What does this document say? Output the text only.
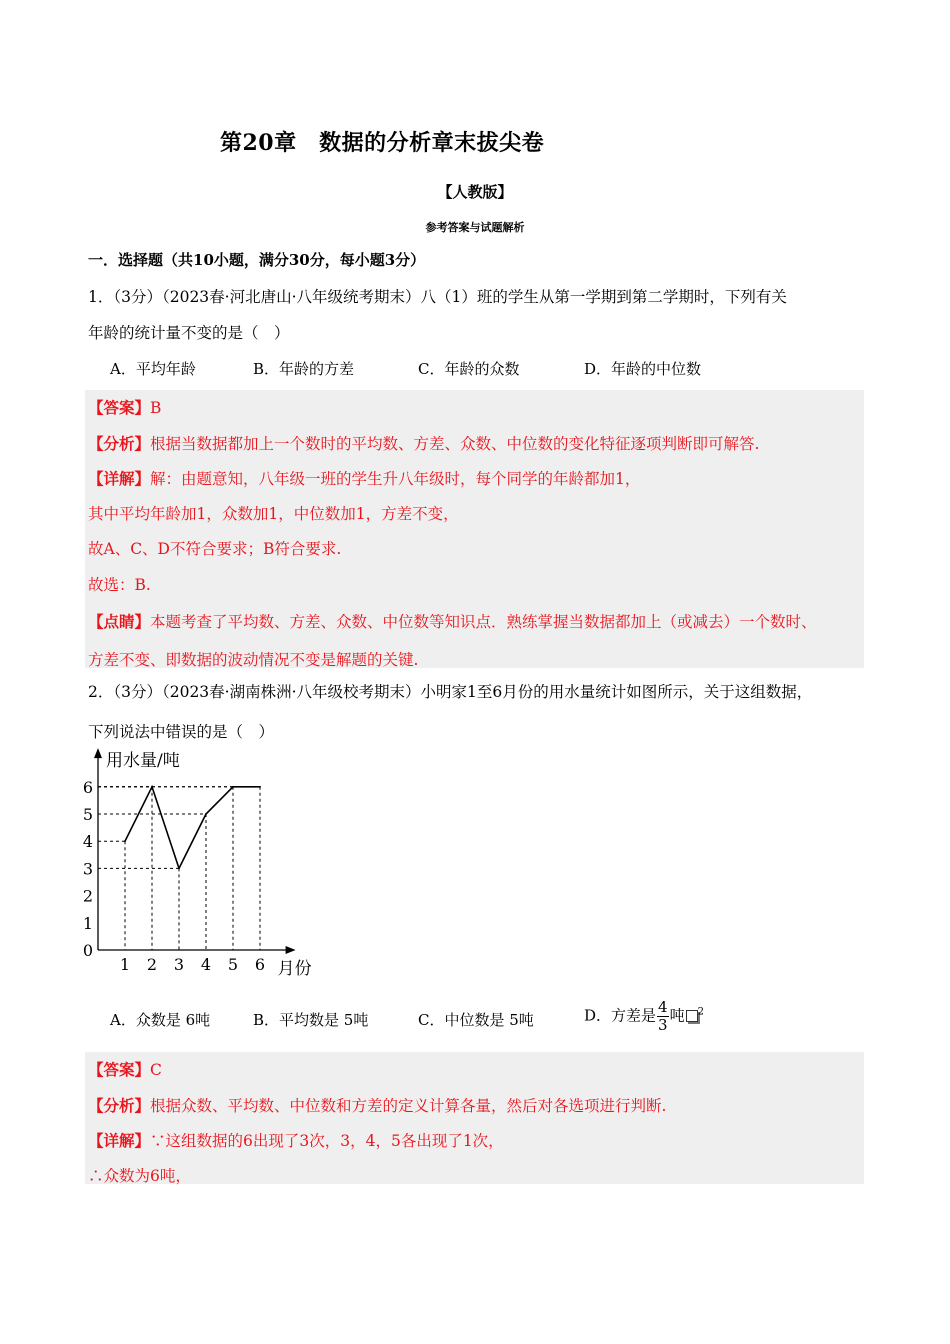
第20章　数据的分析章末拔尖卷
【人教版】
参考答案与试题解析
一．选择题（共10小题，满分30分，每小题3分）
1．（3分）（2023春·河北唐山·八年级统考期末）八（1）班的学生从第一学期到第二学期时，下列有关
年龄的统计量不变的是（　）
A．平均年龄	B．年龄的方差	C．年龄的众数	D．年龄的中位数
【答案】B
【分析】根据当数据都加上一个数时的平均数、方差、众数、中位数的变化特征逐项判断即可解答.
【详解】解：由题意知，八年级一班的学生升八年级时，每个同学的年龄都加1，
其中平均年龄加1，众数加1，中位数加1，方差不变，
故A、C、D不符合要求；B符合要求.
故选：B.
【点睛】本题考查了平均数、方差、众数、中位数等知识点．熟练掌握当数据都加上（或减去）一个数时、
方差不变、即数据的波动情况不变是解题的关键.
2．（3分）（2023春·湖南株洲·八年级校考期末）小明家1至6月份的用水量统计如图所示，关于这组数据，
下列说法中错误的是（　）
1 2 3 4 5 6
0
1
2
3
4
5
6
用水量/吨
月份
A．众数是 6吨	B．平均数是 5吨	C．中位数是 5吨	D．方差是 $\frac{4}{3}$ 吨 $^2$
【答案】C
【分析】根据众数、平均数、中位数和方差的定义计算各量，然后对各选项进行判断.
【详解】∵这组数据的6出现了3次，3，4，5各出现了1次，
∴众数为6吨，
